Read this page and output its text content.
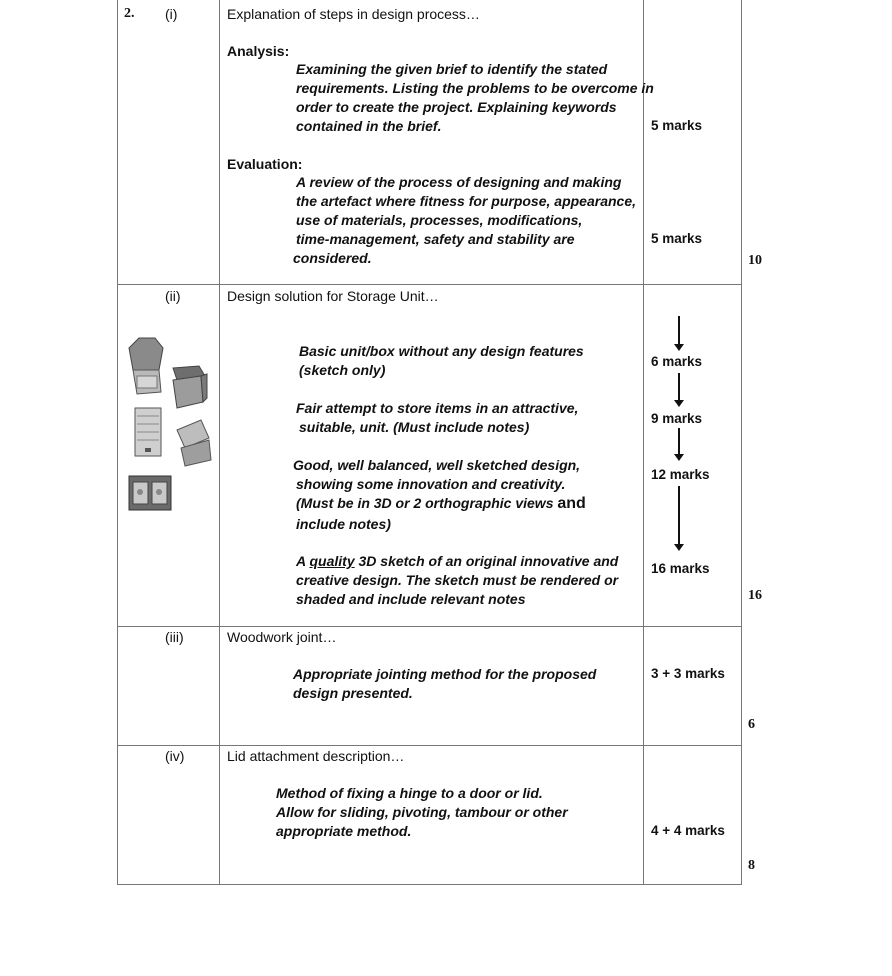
2. (i)	Explanation of steps in design process…
Analysis:
Examining the given brief to identify the stated
requirements. Listing the problems to be overcome in
order to create the project. Explaining keywords
contained in the brief.	5 marks
Evaluation:
A review of the process of designing and making
the artefact where fitness for purpose, appearance,
use of materials, processes, modifications,
time-management, safety and stability are
considered.
5 marks
10
(ii)	Design solution for Storage Unit…
Basic unit/box without any design features
(sketch only)
6 marks
Fair attempt to store items in an attractive,
suitable, unit. (Must include notes)
9 marks
Good, well balanced, well sketched design,
showing some innovation and creativity.
(Must be in 3D or 2 orthographic views and
include notes)
12 marks
A quality 3D sketch of an original innovative and
creative design. The sketch must be rendered or
shaded and include relevant notes
16 marks
16
(iii)	Woodwork joint…
Appropriate jointing method for the proposed
design presented.
3 + 3 marks
6
(iv)	Lid attachment description…
Method of fixing a hinge to a door or lid.
Allow for sliding, pivoting, tambour or other
appropriate method.	4 + 4 marks
8
